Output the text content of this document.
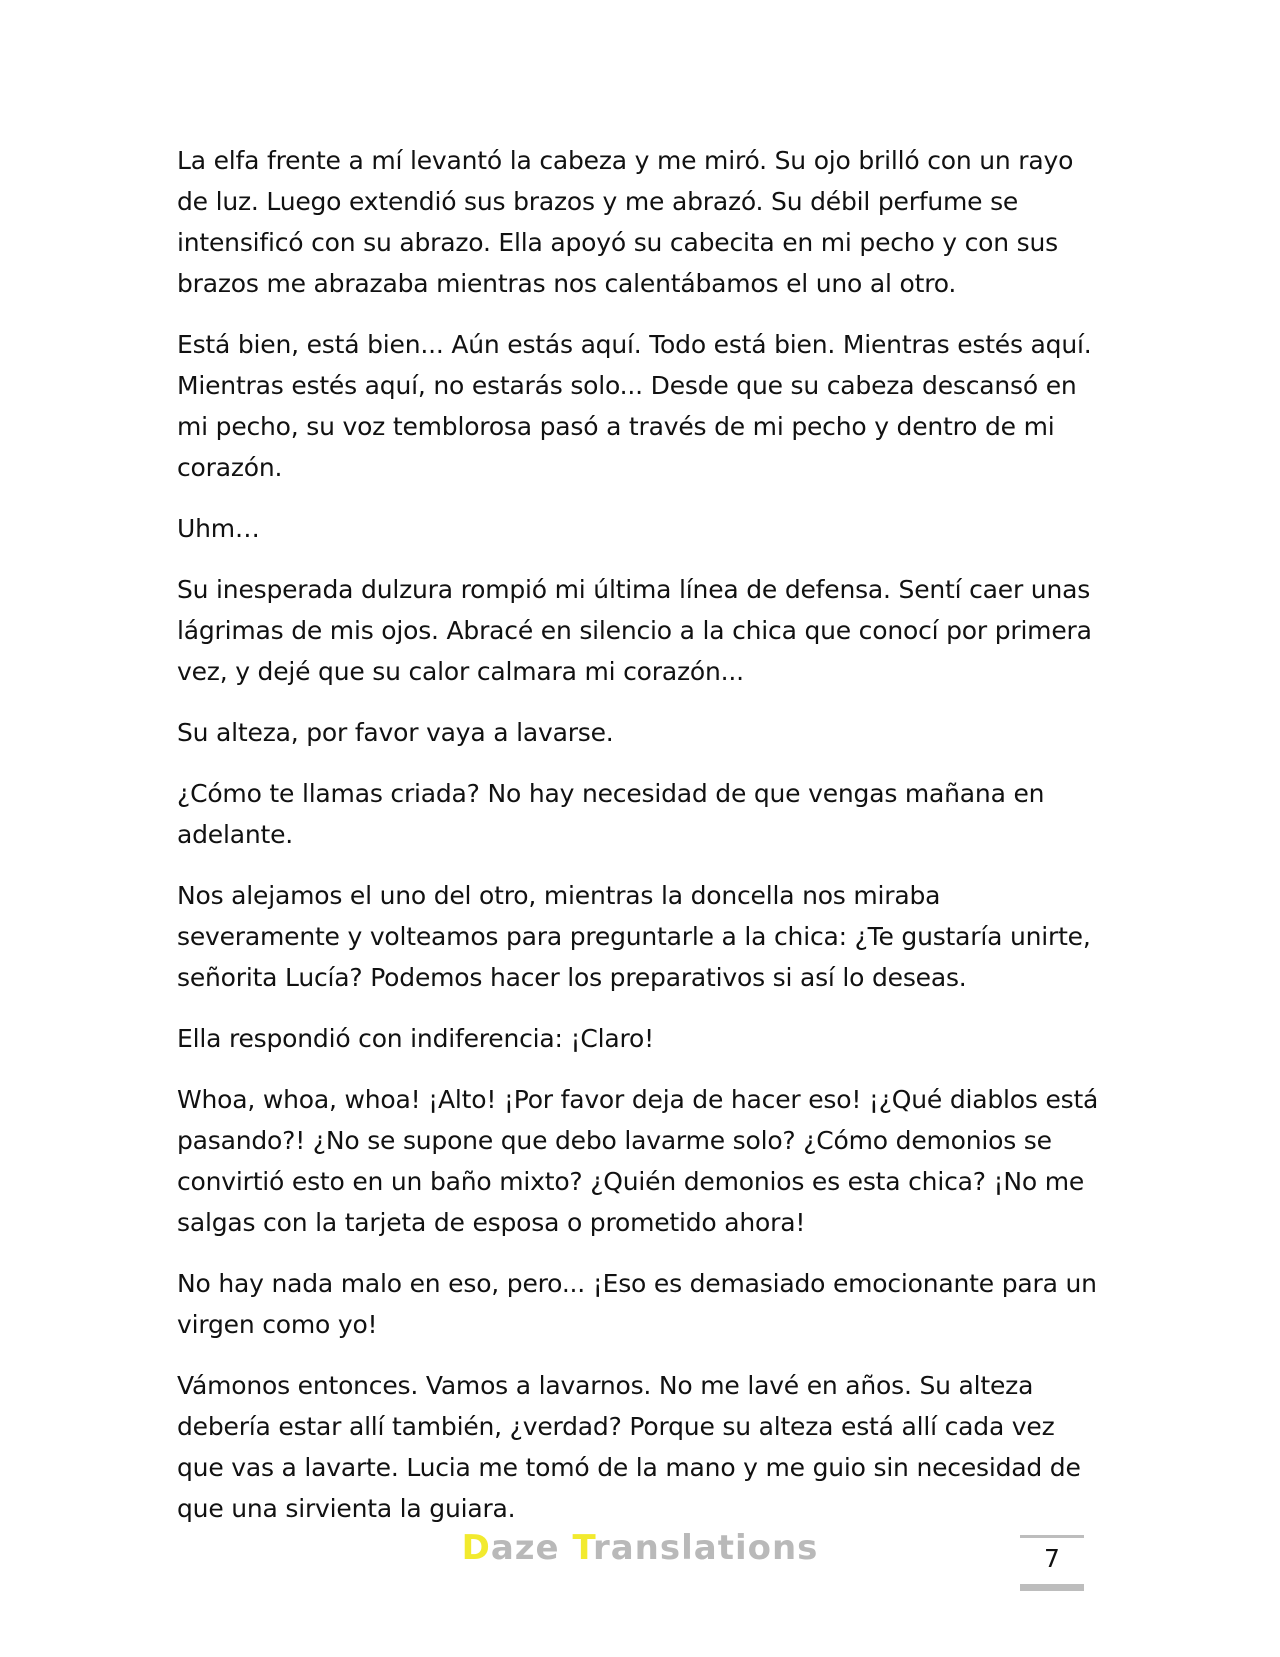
La elfa frente a mí levantó la cabeza y me miró. Su ojo brilló con un rayo de luz. Luego extendió sus brazos y me abrazó. Su débil perfume se intensificó con su abrazo. Ella apoyó su cabecita en mi pecho y con sus brazos me abrazaba mientras nos calentábamos el uno al otro.

Está bien, está bien... Aún estás aquí. Todo está bien. Mientras estés aquí. Mientras estés aquí, no estarás solo... Desde que su cabeza descansó en mi pecho, su voz temblorosa pasó a través de mi pecho y dentro de mi corazón.

Uhm…

Su inesperada dulzura rompió mi última línea de defensa. Sentí caer unas lágrimas de mis ojos. Abracé en silencio a la chica que conocí por primera vez, y dejé que su calor calmara mi corazón...

Su alteza, por favor vaya a lavarse.

¿Cómo te llamas criada? No hay necesidad de que vengas mañana en adelante.

Nos alejamos el uno del otro, mientras la doncella nos miraba severamente y volteamos para preguntarle a la chica: ¿Te gustaría unirte, señorita Lucía? Podemos hacer los preparativos si así lo deseas.

Ella respondió con indiferencia: ¡Claro!

Whoa, whoa, whoa! ¡Alto! ¡Por favor deja de hacer eso! ¡¿Qué diablos está pasando?! ¿No se supone que debo lavarme solo? ¿Cómo demonios se convirtió esto en un baño mixto? ¿Quién demonios es esta chica? ¡No me salgas con la tarjeta de esposa o prometido ahora!

No hay nada malo en eso, pero... ¡Eso es demasiado emocionante para un virgen como yo!

Vámonos entonces. Vamos a lavarnos. No me lavé en años. Su alteza debería estar allí también, ¿verdad? Porque su alteza está allí cada vez que vas a lavarte. Lucia me tomó de la mano y me guio sin necesidad de que una sirvienta la guiara.

Daze Translations	7
